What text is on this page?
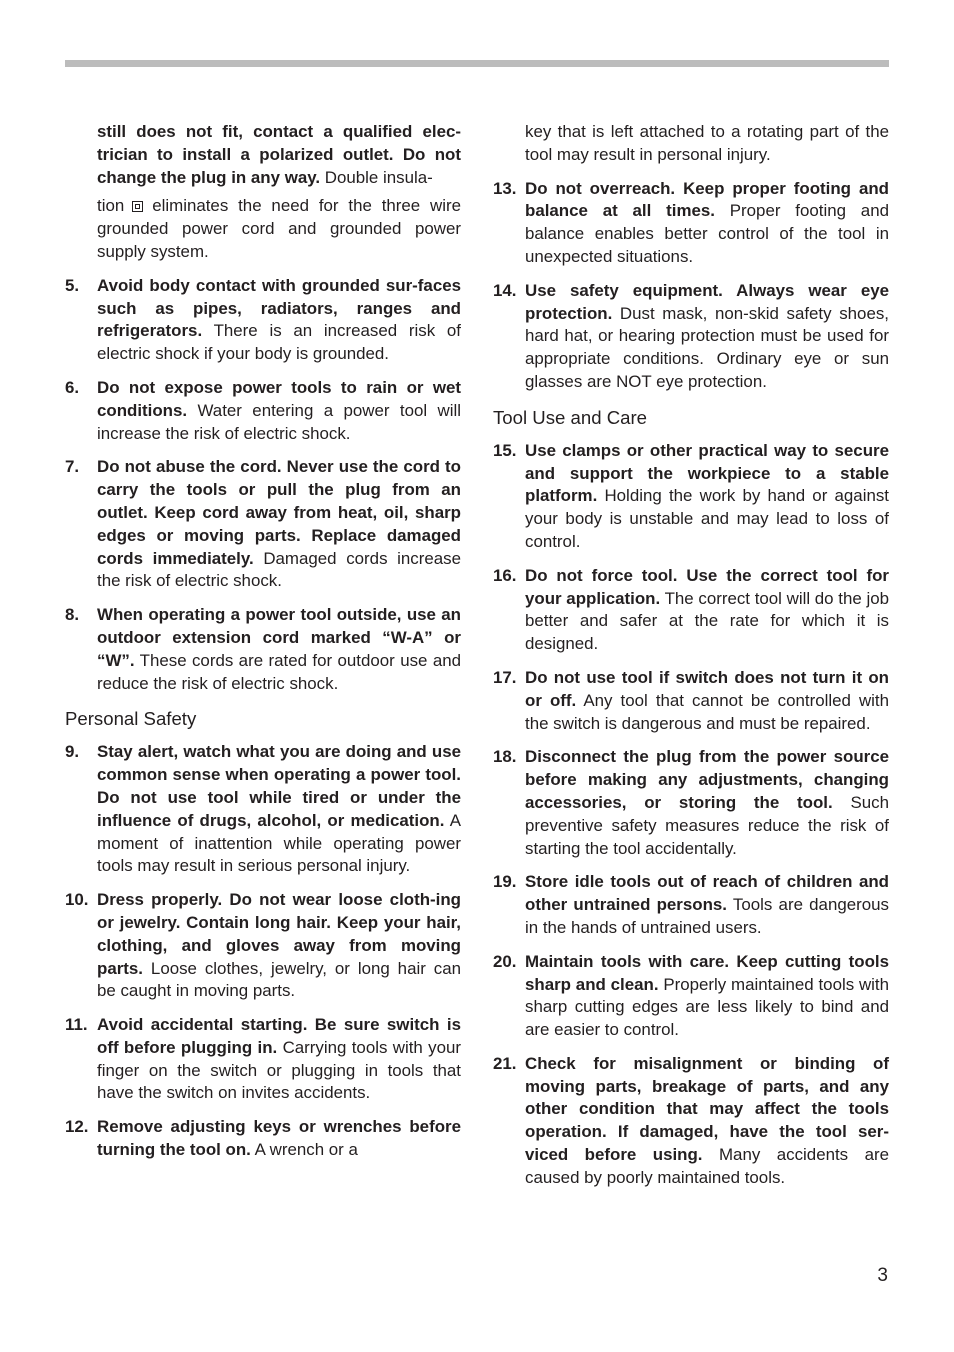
still does not fit, contact a qualified elec-trician to install a polarized outlet. Do not change the plug in any way. Double insula-

tion eliminates the need for the three wire grounded power cord and grounded power supply system.

5. Avoid body contact with grounded sur-faces such as pipes, radiators, ranges and refrigerators. There is an increased risk of electric shock if your body is grounded.
6. Do not expose power tools to rain or wet conditions. Water entering a power tool will increase the risk of electric shock.
7. Do not abuse the cord. Never use the cord to carry the tools or pull the plug from an outlet. Keep cord away from heat, oil, sharp edges or moving parts. Replace damaged cords immediately. Damaged cords increase the risk of electric shock.
8. When operating a power tool outside, use an outdoor extension cord marked “W-A” or “W”. These cords are rated for outdoor use and reduce the risk of electric shock.
Personal Safety
9. Stay alert, watch what you are doing and use common sense when operating a power tool. Do not use tool while tired or under the influence of drugs, alcohol, or medication. A moment of inattention while operating power tools may result in serious personal injury.
10. Dress properly. Do not wear loose cloth-ing or jewelry. Contain long hair. Keep your hair, clothing, and gloves away from moving parts. Loose clothes, jewelry, or long hair can be caught in moving parts.
11. Avoid accidental starting. Be sure switch is off before plugging in. Carrying tools with your finger on the switch or plugging in tools that have the switch on invites accidents.
12. Remove adjusting keys or wrenches before turning the tool on. A wrench or a

key that is left attached to a rotating part of the tool may result in personal injury.

13. Do not overreach. Keep proper footing and balance at all times. Proper footing and balance enables better control of the tool in unexpected situations.
14. Use safety equipment. Always wear eye protection. Dust mask, non-skid safety shoes, hard hat, or hearing protection must be used for appropriate conditions. Ordinary eye or sun glasses are NOT eye protection.
Tool Use and Care
15. Use clamps or other practical way to secure and support the workpiece to a stable platform. Holding the work by hand or against your body is unstable and may lead to loss of control.
16. Do not force tool. Use the correct tool for your application. The correct tool will do the job better and safer at the rate for which it is designed.
17. Do not use tool if switch does not turn it on or off. Any tool that cannot be controlled with the switch is dangerous and must be repaired.
18. Disconnect the plug from the power source before making any adjustments, changing accessories, or storing the tool. Such preventive safety measures reduce the risk of starting the tool accidentally.
19. Store idle tools out of reach of children and other untrained persons. Tools are dangerous in the hands of untrained users.
20. Maintain tools with care. Keep cutting tools sharp and clean. Properly maintained tools with sharp cutting edges are less likely to bind and are easier to control.
21. Check for misalignment or binding of moving parts, breakage of parts, and any other condition that may affect the tools operation. If damaged, have the tool ser-viced before using. Many accidents are caused by poorly maintained tools.
3
